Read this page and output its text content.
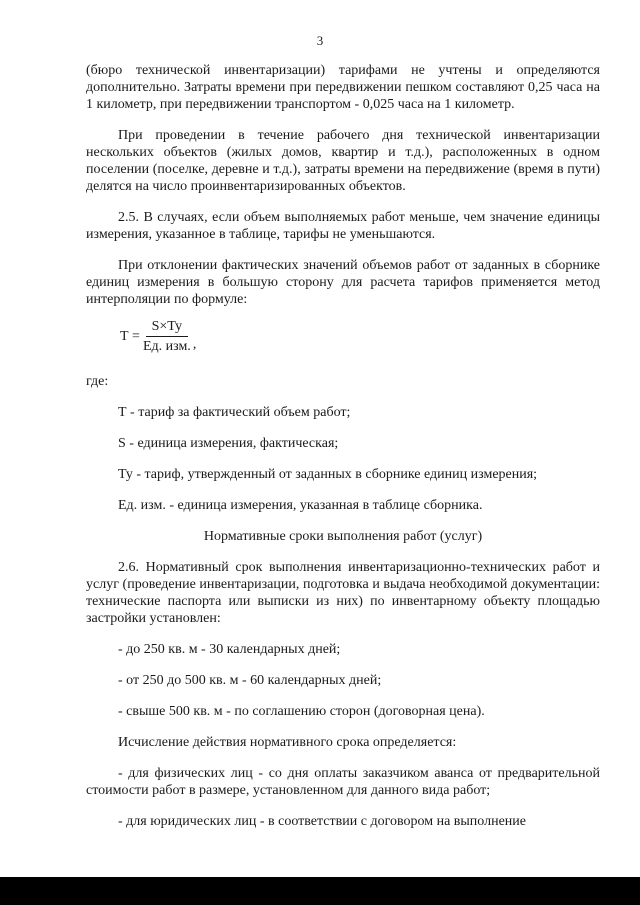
3

(бюро технической инвентаризации) тарифами не учтены и определяются дополнительно. Затраты времени при передвижении пешком составляют 0,25 часа на 1 километр, при передвижении транспортом - 0,025 часа на 1 километр.

При проведении в течение рабочего дня технической инвентаризации нескольких объектов (жилых домов, квартир и т.д.), расположенных в одном поселении (поселке, деревне и т.д.), затраты времени на передвижение (время в пути) делятся на число проинвентаризированных объектов.

2.5. В случаях, если объем выполняемых работ меньше, чем значение единицы измерения, указанное в таблице, тарифы не уменьшаются.

При отклонении фактических значений объемов работ от заданных в сборнике единиц измерения в большую сторону для расчета тарифов применяется метод интерполяции по формуле:

$Т = \frac{S\times Ту}{\text{Ед. изм.}}$ ,

где:

Т - тариф за фактический объем работ;

S - единица измерения, фактическая;

Ту - тариф, утвержденный от заданных в сборнике единиц измерения;

Ед. изм. - единица измерения, указанная в таблице сборника.

Нормативные сроки выполнения работ (услуг)

2.6. Нормативный срок выполнения инвентаризационно-технических работ и услуг (проведение инвентаризации, подготовка и выдача необходимой документации: технические паспорта или выписки из них) по инвентарному объекту площадью застройки установлен:

- до 250 кв. м - 30 календарных дней;

- от 250 до 500 кв. м - 60 календарных дней;

- свыше 500 кв. м - по соглашению сторон (договорная цена).

Исчисление действия нормативного срока определяется:

- для физических лиц - со дня оплаты заказчиком аванса от предварительной стоимости работ в размере, установленном для данного вида работ;

- для юридических лиц - в соответствии с договором на выполнение
